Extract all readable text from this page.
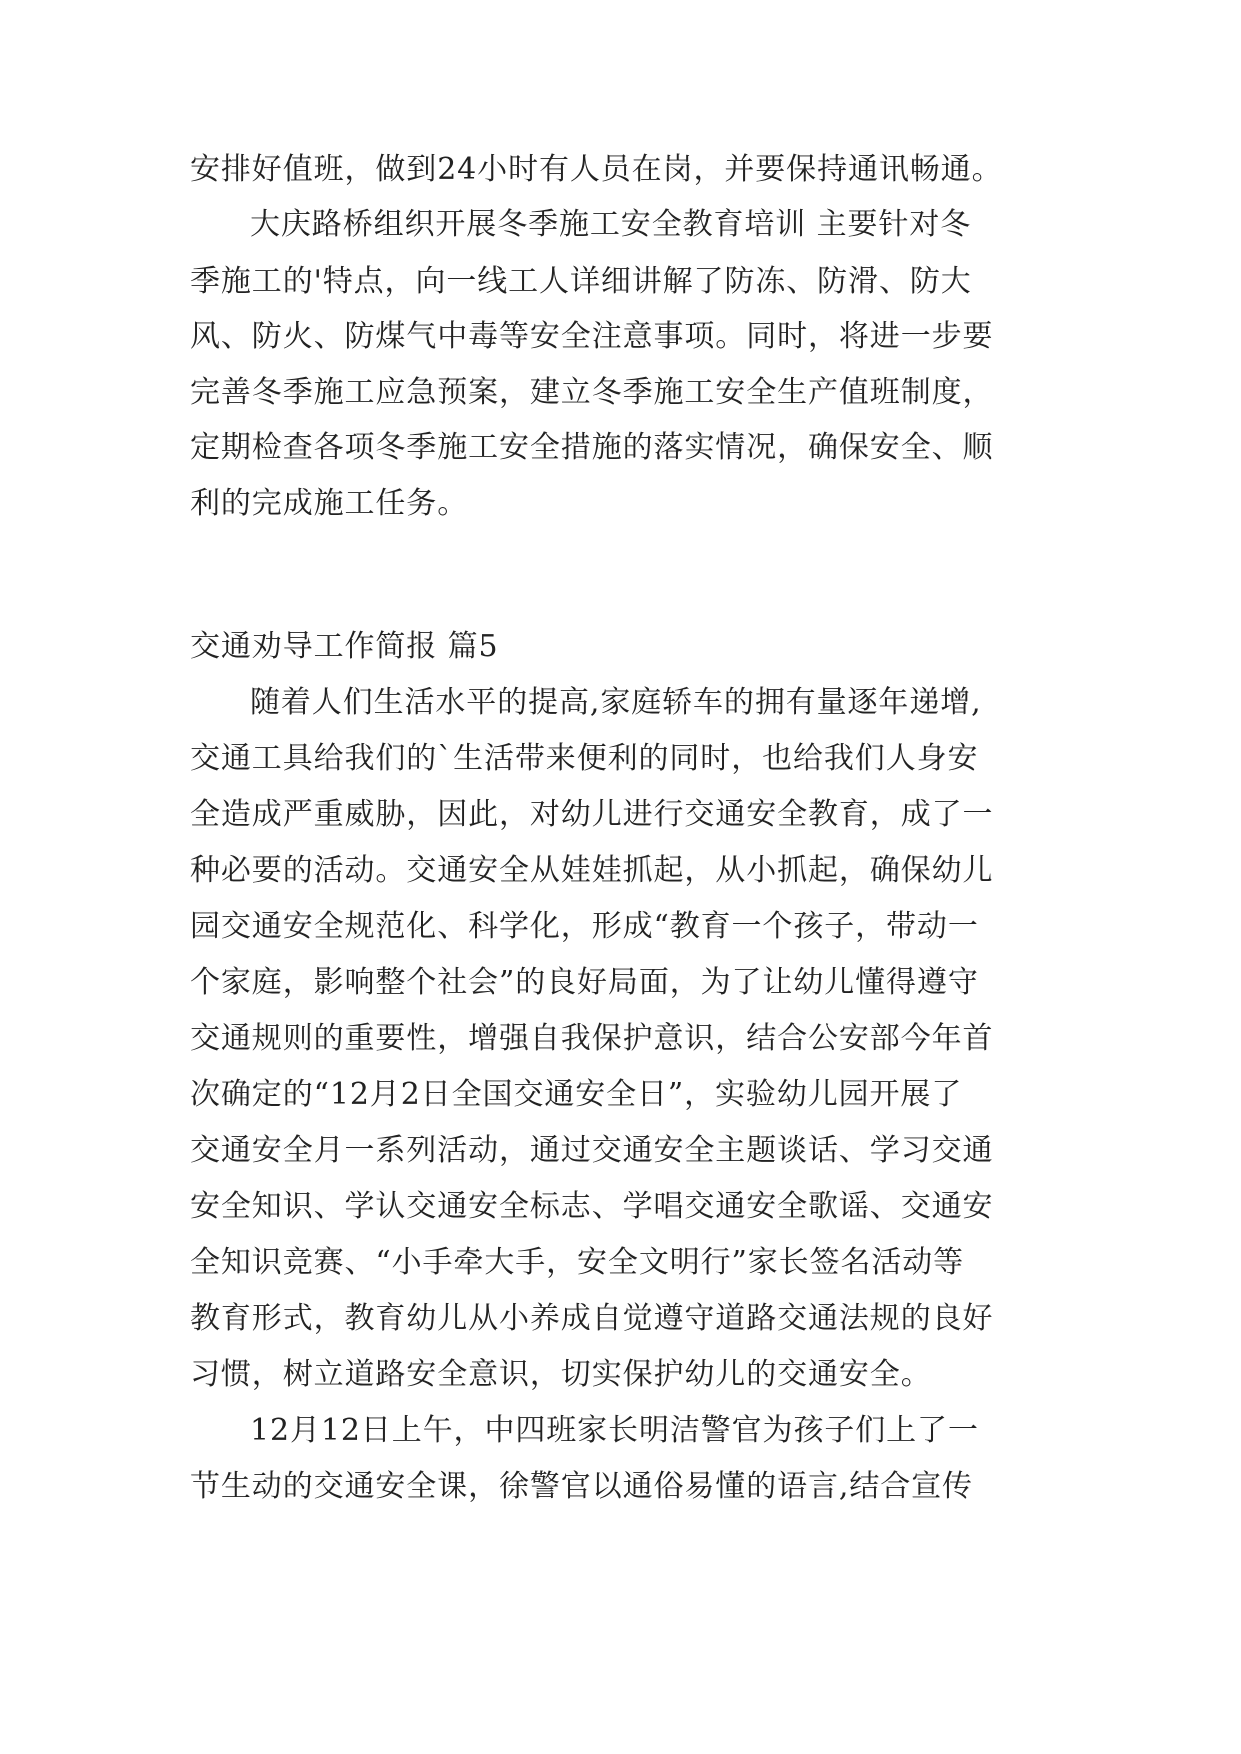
安排好值班，做到24小时有人员在岗，并要保持通讯畅通。
大庆路桥组织开展冬季施工安全教育培训 主要针对冬
季施工的'特点，向一线工人详细讲解了防冻、防滑、防大
风、防火、防煤气中毒等安全注意事项。同时，将进一步要
完善冬季施工应急预案，建立冬季施工安全生产值班制度，
定期检查各项冬季施工安全措施的落实情况，确保安全、顺
利的完成施工任务。
交通劝导工作简报 篇5
随着人们生活水平的提高,家庭轿车的拥有量逐年递增,
交通工具给我们的`生活带来便利的同时，也给我们人身安
全造成严重威胁，因此，对幼儿进行交通安全教育，成了一
种必要的活动。交通安全从娃娃抓起，从小抓起，确保幼儿
园交通安全规范化、科学化，形成“教育一个孩子，带动一
个家庭，影响整个社会”的良好局面，为了让幼儿懂得遵守
交通规则的重要性，增强自我保护意识，结合公安部今年首
次确定的“12月2日全国交通安全日”，实验幼儿园开展了
交通安全月一系列活动，通过交通安全主题谈话、学习交通
安全知识、学认交通安全标志、学唱交通安全歌谣、交通安
全知识竞赛、“小手牵大手，安全文明行”家长签名活动等
教育形式，教育幼儿从小养成自觉遵守道路交通法规的良好
习惯，树立道路安全意识，切实保护幼儿的交通安全。
12月12日上午，中四班家长明洁警官为孩子们上了一
节生动的交通安全课，徐警官以通俗易懂的语言,结合宣传
